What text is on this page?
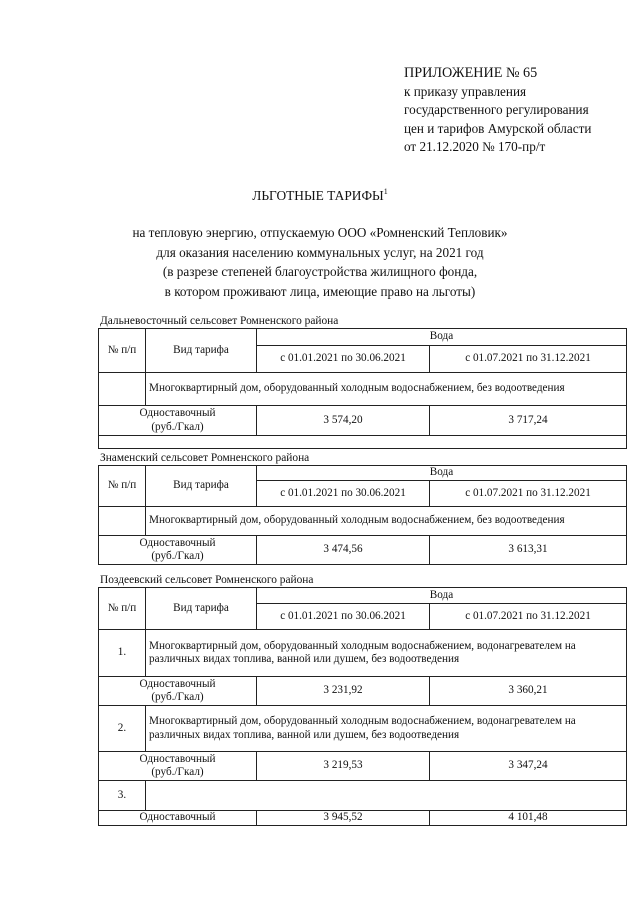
ПРИЛОЖЕНИЕ № 65
к приказу управления
государственного регулирования
цен и тарифов Амурской области
от 21.12.2020 № 170-пр/т
ЛЬГОТНЫЕ ТАРИФЫ$^1$
на тепловую энергию, отпускаемую ООО «Ромненский Тепловик»
для оказания населению коммунальных услуг, на 2021 год
(в разрезе степеней благоустройства жилищного фонда,
в котором проживают лица, имеющие право на льготы)
Дальневосточный сельсовет Ромненского района
№ п/п	Вид тарифа	Вода	
		с 01.01.2021 по 30.06.2021	с 01.07.2021 по 31.12.2021
	Многоквартирный дом, оборудованный холодным водоснабжением, без водоотведения		

Одноставочный
(руб./Гкал)		3 574,20	3 717,24

Знаменский сельсовет Ромненского района
№ п/п	Вид тарифа	Вода	
		с 01.01.2021 по 30.06.2021	с 01.07.2021 по 31.12.2021
	Многоквартирный дом, оборудованный холодным водоснабжением, без водоотведения		

Одноставочный
(руб./Гкал)		3 474,56	3 613,31
Поздеевский сельсовет Ромненского района
№ п/п	Вид тарифа	Вода	
		с 01.01.2021 по 30.06.2021	с 01.07.2021 по 31.12.2021
1.	Многоквартирный дом, оборудованный холодным водоснабжением, водонагревателем на различных видах топлива, ванной или душем, без водоотведения		

Одноставочный
(руб./Гкал)		3 231,92	3 360,21
2.	Многоквартирный дом, оборудованный холодным водоснабжением, водонагревателем на различных видах топлива, ванной или душем, без водоотведения		

Одноставочный
(руб./Гкал)		3 219,53	3 347,24
3.			

Одноставочный		3 945,52	4 101,48
